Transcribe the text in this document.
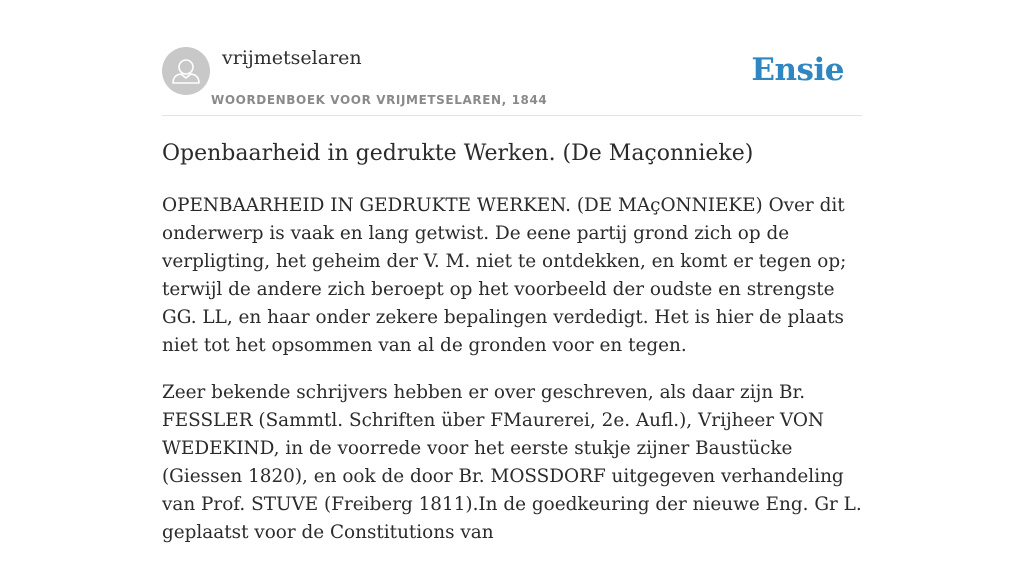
vrijmetselaren
WOORDENBOEK VOOR VRIJMETSELAREN, 1844
Ensie
Openbaarheid in gedrukte Werken. (De Maçonnieke)

OPENBAARHEID IN GEDRUKTE WERKEN. (DE MAçONNIEKE) Over dit onderwerp is vaak en lang getwist. De eene partij grond zich op de verpligting, het geheim der V. M. niet te ontdekken, en komt er tegen op; terwijl de andere zich beroept op het voorbeeld der oudste en strengste GG. LL, en haar onder zekere bepalingen verdedigt. Het is hier de plaats niet tot het opsommen van al de gronden voor en tegen.

Zeer bekende schrijvers hebben er over geschreven, als daar zijn Br. FESSLER (Sammtl. Schriften über FMaurerei, 2e. Aufl.), Vrijheer VON WEDEKIND, in de voorrede voor het eerste stukje zijner Baustücke (Giessen 1820), en ook de door Br. MOSSDORF uitgegeven verhandeling van Prof. STUVE (Freiberg 1811).In de goedkeuring der nieuwe Eng. Gr L. geplaatst voor de Constitutions van
